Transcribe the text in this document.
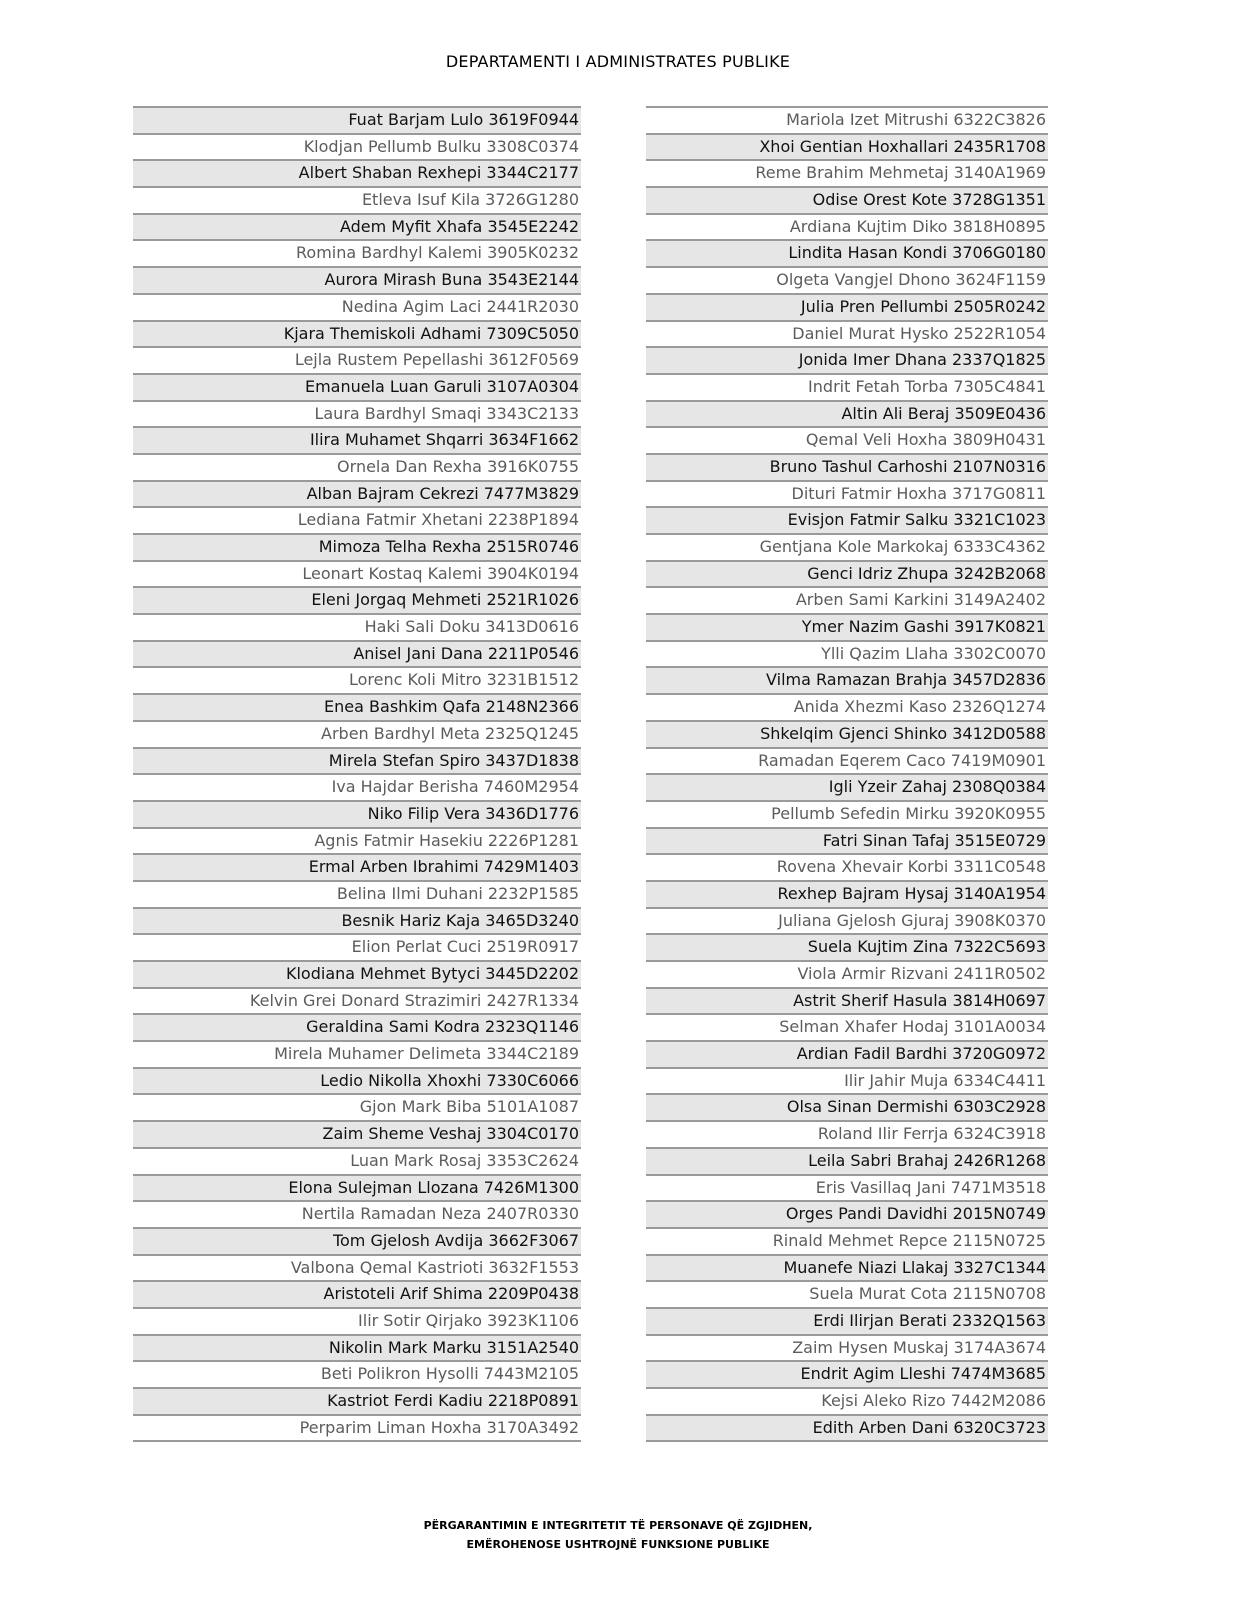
DEPARTAMENTI I ADMINISTRATES PUBLIKE
Fuat Barjam Lulo 3619F0944
Klodjan Pellumb Bulku 3308C0374
Albert Shaban Rexhepi 3344C2177
Etleva Isuf Kila 3726G1280
Adem Myfit Xhafa 3545E2242
Romina Bardhyl Kalemi 3905K0232
Aurora Mirash Buna 3543E2144
Nedina Agim Laci 2441R2030
Kjara Themiskoli Adhami 7309C5050
Lejla Rustem Pepellashi 3612F0569
Emanuela Luan Garuli 3107A0304
Laura Bardhyl Smaqi 3343C2133
Ilira Muhamet Shqarri 3634F1662
Ornela Dan Rexha 3916K0755
Alban Bajram Cekrezi 7477M3829
Lediana Fatmir Xhetani 2238P1894
Mimoza Telha Rexha 2515R0746
Leonart Kostaq Kalemi 3904K0194
Eleni Jorgaq Mehmeti 2521R1026
Haki Sali Doku 3413D0616
Anisel Jani Dana 2211P0546
Lorenc Koli Mitro 3231B1512
Enea Bashkim Qafa 2148N2366
Arben Bardhyl Meta 2325Q1245
Mirela Stefan Spiro 3437D1838
Iva Hajdar Berisha 7460M2954
Niko Filip Vera 3436D1776
Agnis Fatmir Hasekiu 2226P1281
Ermal Arben Ibrahimi 7429M1403
Belina Ilmi Duhani 2232P1585
Besnik Hariz Kaja 3465D3240
Elion Perlat Cuci 2519R0917
Klodiana Mehmet Bytyci 3445D2202
Kelvin Grei Donard Strazimiri 2427R1334
Geraldina Sami Kodra 2323Q1146
Mirela Muhamer Delimeta 3344C2189
Ledio Nikolla Xhoxhi 7330C6066
Gjon Mark Biba 5101A1087
Zaim Sheme Veshaj 3304C0170
Luan Mark Rosaj 3353C2624
Elona Sulejman Llozana 7426M1300
Nertila Ramadan Neza 2407R0330
Tom Gjelosh Avdija 3662F3067
Valbona Qemal Kastrioti 3632F1553
Aristoteli Arif Shima 2209P0438
Ilir Sotir Qirjako 3923K1106
Nikolin Mark Marku 3151A2540
Beti Polikron Hysolli 7443M2105
Kastriot Ferdi Kadiu 2218P0891
Perparim Liman Hoxha 3170A3492
Mariola Izet Mitrushi 6322C3826
Xhoi Gentian Hoxhallari 2435R1708
Reme Brahim Mehmetaj 3140A1969
Odise Orest Kote 3728G1351
Ardiana Kujtim Diko 3818H0895
Lindita Hasan Kondi 3706G0180
Olgeta Vangjel Dhono 3624F1159
Julia Pren Pellumbi 2505R0242
Daniel Murat Hysko 2522R1054
Jonida Imer Dhana 2337Q1825
Indrit Fetah Torba 7305C4841
Altin Ali Beraj 3509E0436
Qemal Veli Hoxha 3809H0431
Bruno Tashul Carhoshi 2107N0316
Dituri Fatmir Hoxha 3717G0811
Evisjon Fatmir Salku 3321C1023
Gentjana Kole Markokaj 6333C4362
Genci Idriz Zhupa 3242B2068
Arben Sami Karkini 3149A2402
Ymer Nazim Gashi 3917K0821
Ylli Qazim Llaha 3302C0070
Vilma Ramazan Brahja 3457D2836
Anida Xhezmi Kaso 2326Q1274
Shkelqim Gjenci Shinko 3412D0588
Ramadan Eqerem Caco 7419M0901
Igli Yzeir Zahaj 2308Q0384
Pellumb Sefedin Mirku 3920K0955
Fatri Sinan Tafaj 3515E0729
Rovena Xhevair Korbi 3311C0548
Rexhep Bajram Hysaj 3140A1954
Juliana Gjelosh Gjuraj 3908K0370
Suela Kujtim Zina 7322C5693
Viola Armir Rizvani 2411R0502
Astrit Sherif Hasula 3814H0697
Selman Xhafer Hodaj 3101A0034
Ardian Fadil Bardhi 3720G0972
Ilir Jahir Muja 6334C4411
Olsa Sinan Dermishi 6303C2928
Roland Ilir Ferrja 6324C3918
Leila Sabri Brahaj 2426R1268
Eris Vasillaq Jani 7471M3518
Orges Pandi Davidhi 2015N0749
Rinald Mehmet Repce 2115N0725
Muanefe Niazi Llakaj 3327C1344
Suela Murat Cota 2115N0708
Erdi Ilirjan Berati 2332Q1563
Zaim Hysen Muskaj 3174A3674
Endrit Agim Lleshi 7474M3685
Kejsi Aleko Rizo 7442M2086
Edith Arben Dani 6320C3723
PËRGARANTIMIN E INTEGRITETIT TË PERSONAVE QË ZGJIDHEN,
EMËROHENOSE USHTROJNË FUNKSIONE PUBLIKE
